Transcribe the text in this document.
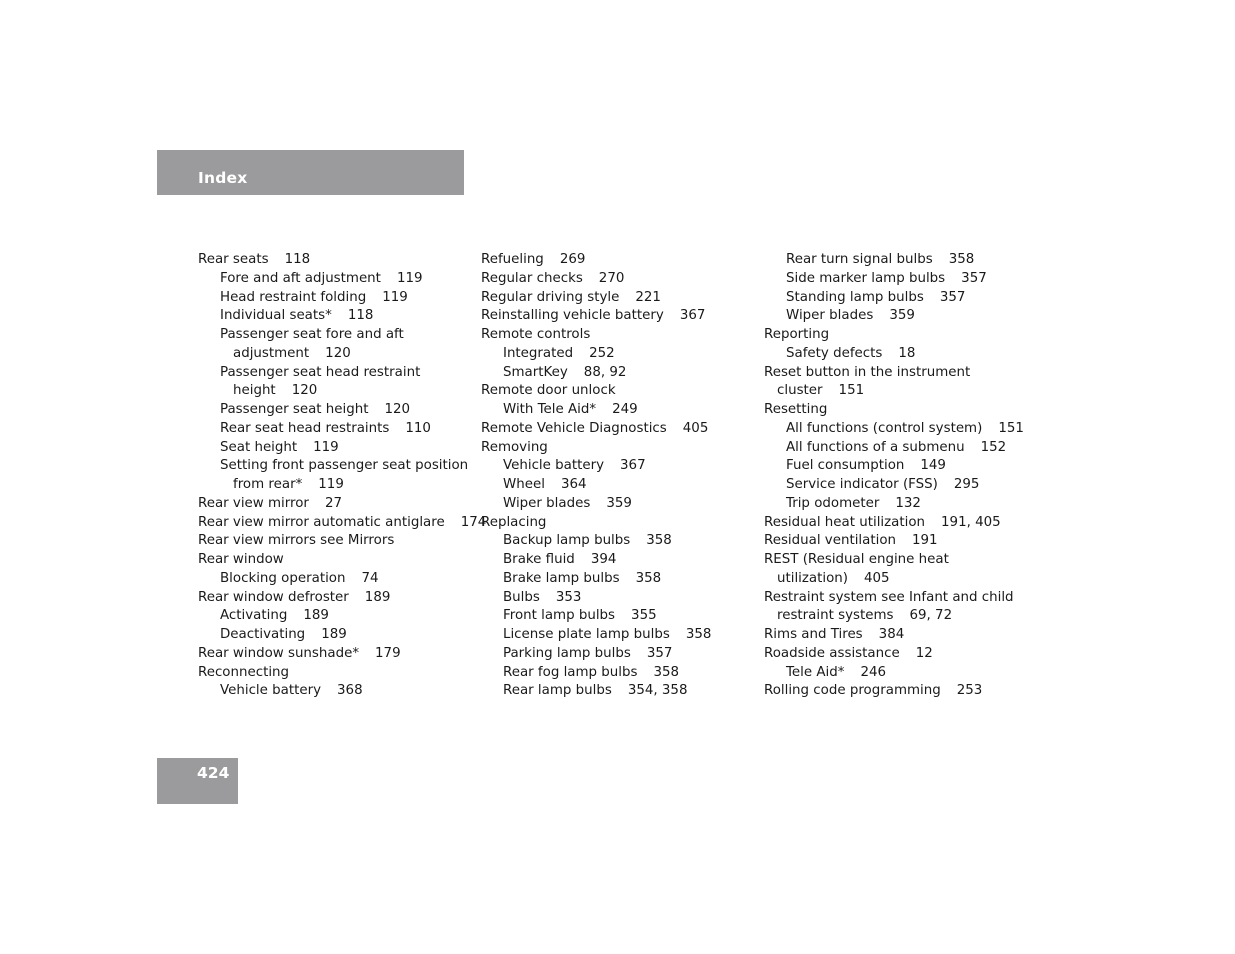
Index
Rear seats 118
Fore and aft adjustment 119
Head restraint folding 119
Individual seats* 118
Passenger seat fore and aft
adjustment 120
Passenger seat head restraint
height 120
Passenger seat height 120
Rear seat head restraints 110
Seat height 119
Setting front passenger seat position
from rear* 119
Rear view mirror 27
Rear view mirror automatic antiglare 174
Rear view mirrors see Mirrors
Rear window
Blocking operation 74
Rear window defroster 189
Activating 189
Deactivating 189
Rear window sunshade* 179
Reconnecting
Vehicle battery 368
Refueling 269
Regular checks 270
Regular driving style 221
Reinstalling vehicle battery 367
Remote controls
Integrated 252
SmartKey 88, 92
Remote door unlock
With Tele Aid* 249
Remote Vehicle Diagnostics 405
Removing
Vehicle battery 367
Wheel 364
Wiper blades 359
Replacing
Backup lamp bulbs 358
Brake fluid 394
Brake lamp bulbs 358
Bulbs 353
Front lamp bulbs 355
License plate lamp bulbs 358
Parking lamp bulbs 357
Rear fog lamp bulbs 358
Rear lamp bulbs 354, 358
Rear turn signal bulbs 358
Side marker lamp bulbs 357
Standing lamp bulbs 357
Wiper blades 359
Reporting
Safety defects 18
Reset button in the instrument
cluster 151
Resetting
All functions (control system) 151
All functions of a submenu 152
Fuel consumption 149
Service indicator (FSS) 295
Trip odometer 132
Residual heat utilization 191, 405
Residual ventilation 191
REST (Residual engine heat
utilization) 405
Restraint system see Infant and child
restraint systems 69, 72
Rims and Tires 384
Roadside assistance 12
Tele Aid* 246
Rolling code programming 253
424
